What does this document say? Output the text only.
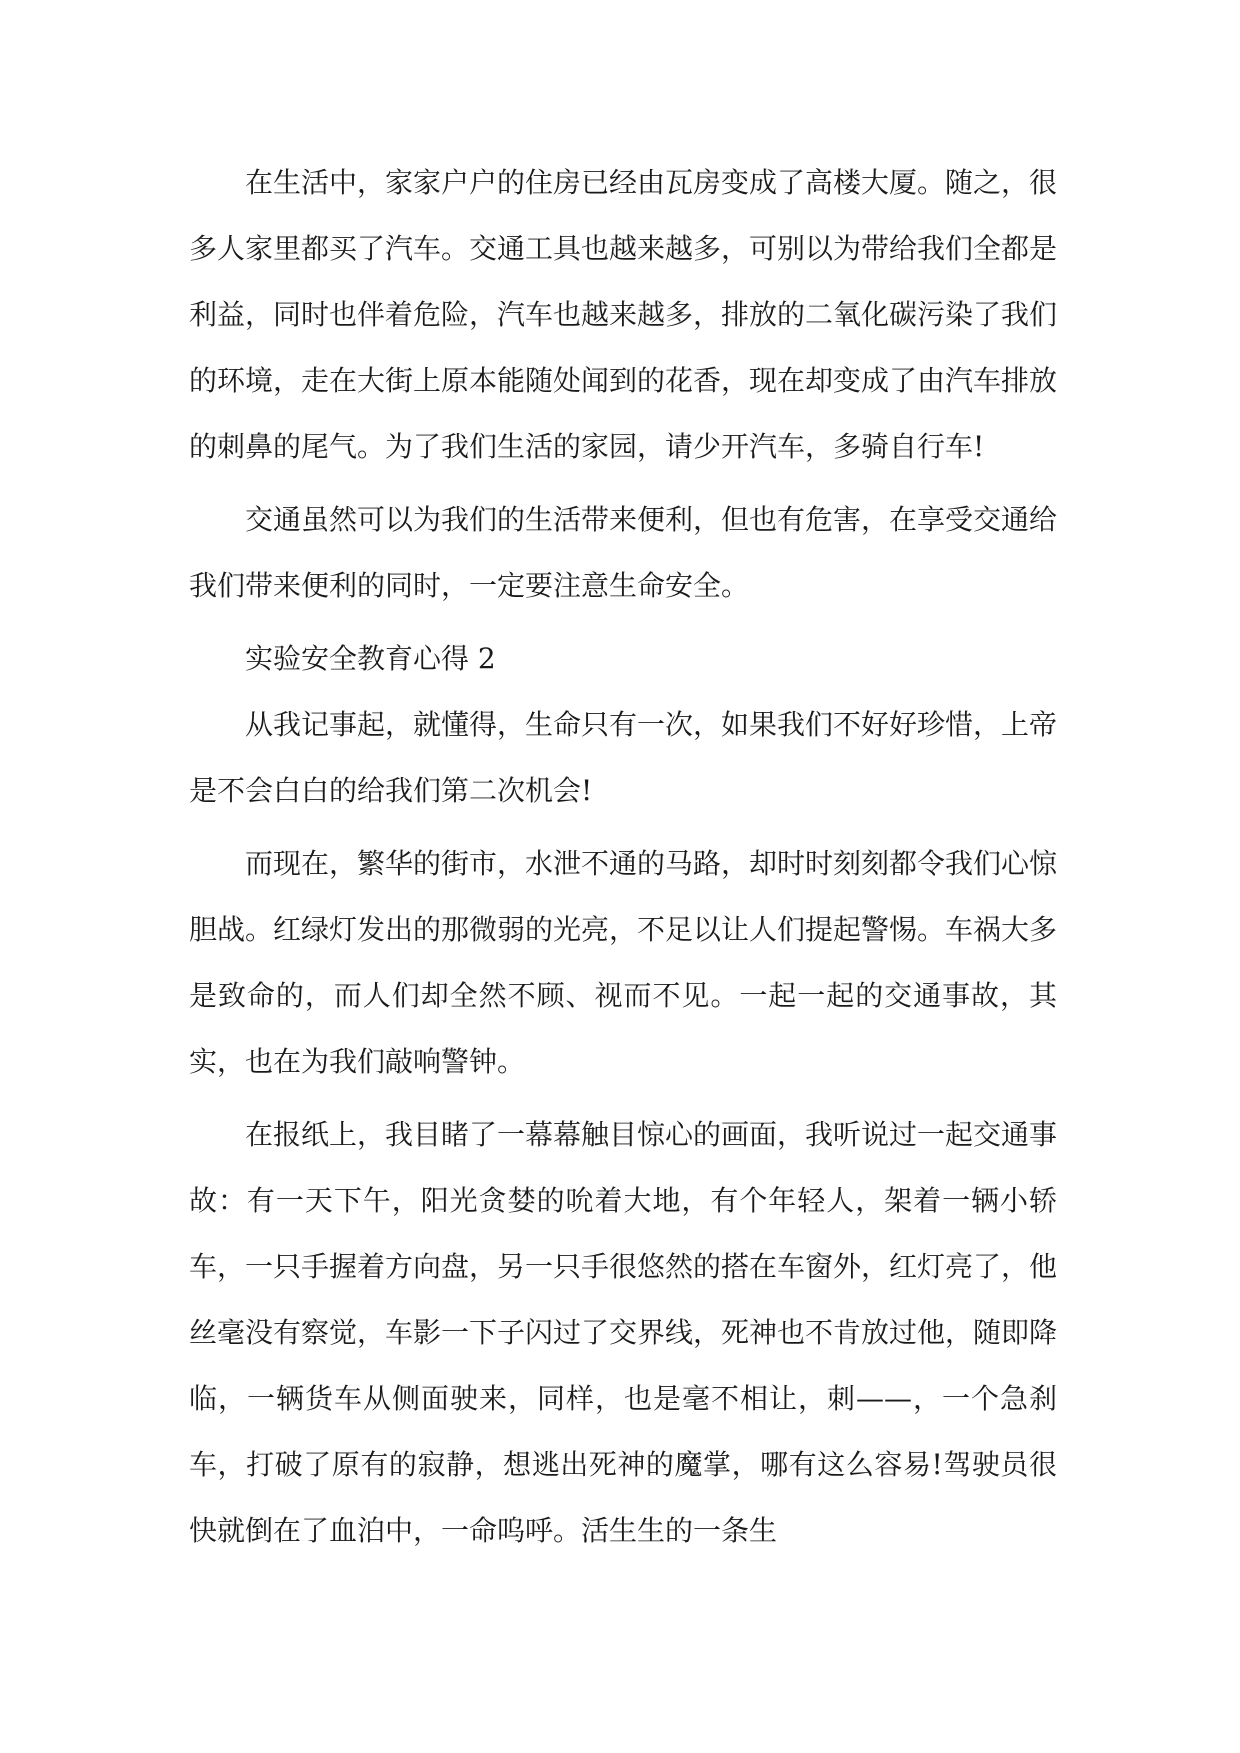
在生活中，家家户户的住房已经由瓦房变成了高楼大厦。随之，很多人家里都买了汽车。交通工具也越来越多，可别以为带给我们全都是利益，同时也伴着危险，汽车也越来越多，排放的二氧化碳污染了我们的环境，走在大街上原本能随处闻到的花香，现在却变成了由汽车排放的刺鼻的尾气。为了我们生活的家园，请少开汽车，多骑自行车!

交通虽然可以为我们的生活带来便利，但也有危害，在享受交通给我们带来便利的同时，一定要注意生命安全。

实验安全教育心得 2

从我记事起，就懂得，生命只有一次，如果我们不好好珍惜，上帝是不会白白的给我们第二次机会!

而现在，繁华的街市，水泄不通的马路，却时时刻刻都令我们心惊胆战。红绿灯发出的那微弱的光亮，不足以让人们提起警惕。车祸大多是致命的，而人们却全然不顾、视而不见。一起一起的交通事故，其实，也在为我们敲响警钟。

在报纸上，我目睹了一幕幕触目惊心的画面，我听说过一起交通事故：有一天下午，阳光贪婪的吮着大地，有个年轻人，架着一辆小轿车，一只手握着方向盘，另一只手很悠然的搭在车窗外，红灯亮了，他丝毫没有察觉，车影一下子闪过了交界线，死神也不肯放过他，随即降临，一辆货车从侧面驶来，同样，也是毫不相让，刺——，一个急刹车，打破了原有的寂静，想逃出死神的魔掌，哪有这么容易!驾驶员很快就倒在了血泊中，一命呜呼。活生生的一条生
